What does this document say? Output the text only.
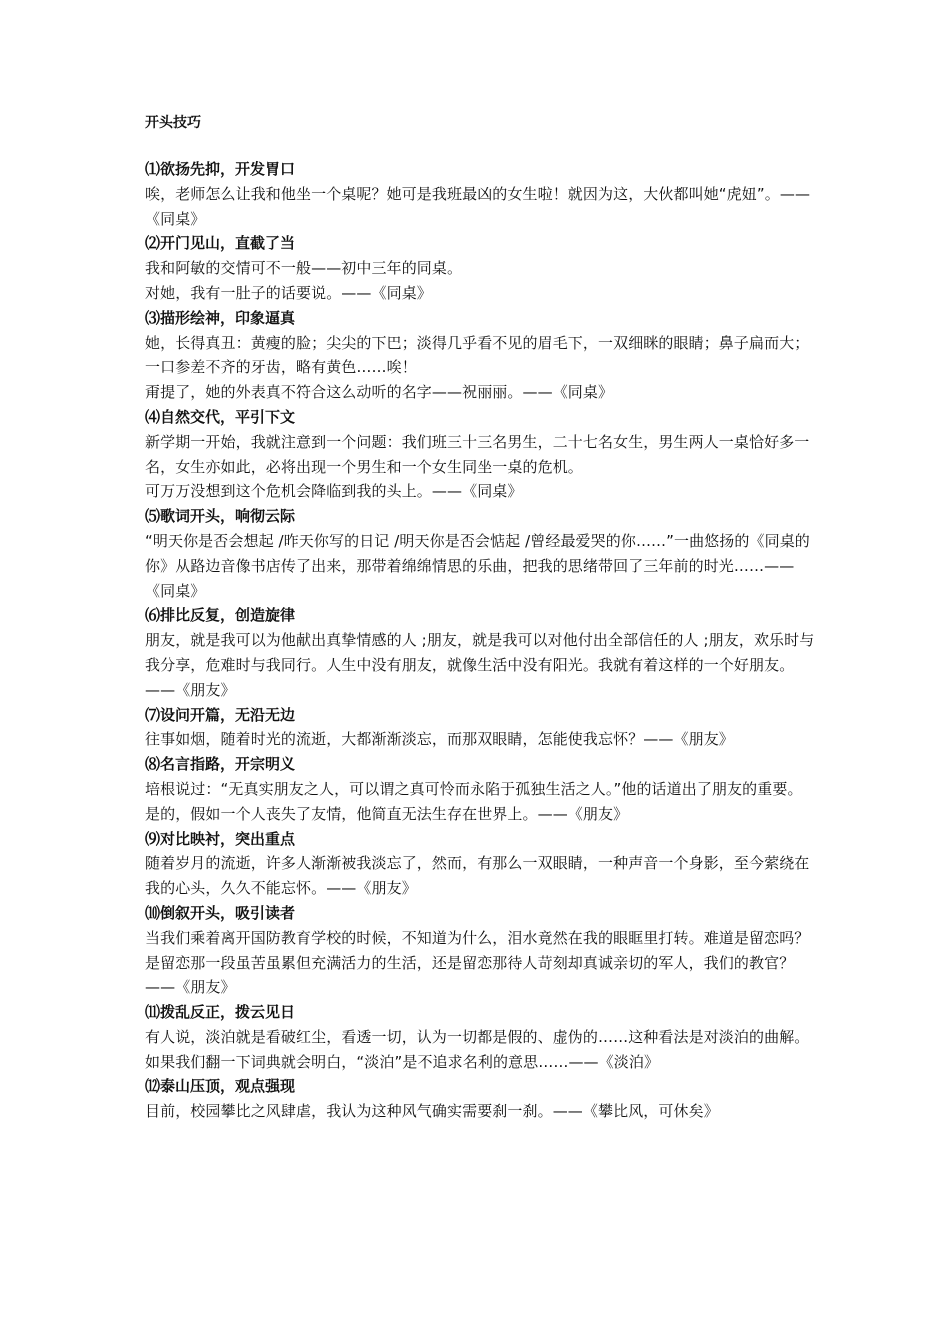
开头技巧
⑴欲扬先抑，开发胃口
唉，老师怎么让我和他坐一个桌呢？她可是我班最凶的女生啦！就因为这，大伙都叫她“虎妞”。——《同桌》
⑵开门见山，直截了当
我和阿敏的交情可不一般——初中三年的同桌。
对她，我有一肚子的话要说。——《同桌》
⑶描形绘神，印象逼真
她，长得真丑：黄瘦的脸；尖尖的下巴；淡得几乎看不见的眉毛下，一双细眯的眼睛；鼻子扁而大；一口参差不齐的牙齿，略有黄色……唉！
甭提了，她的外表真不符合这么动听的名字——祝丽丽。——《同桌》
⑷自然交代，平引下文
新学期一开始，我就注意到一个问题：我们班三十三名男生，二十七名女生，男生两人一桌恰好多一名，女生亦如此，必将出现一个男生和一个女生同坐一桌的危机。
可万万没想到这个危机会降临到我的头上。——《同桌》
⑸歌词开头，响彻云际
“明天你是否会想起 /昨天你写的日记 /明天你是否会惦起 /曾经最爱哭的你……”一曲悠扬的《同桌的你》从路边音像书店传了出来，那带着绵绵情思的乐曲，把我的思绪带回了三年前的时光……——《同桌》
⑹排比反复，创造旋律
朋友，就是我可以为他献出真挚情感的人 ;朋友，就是我可以对他付出全部信任的人 ;朋友，欢乐时与我分享，危难时与我同行。人生中没有朋友，就像生活中没有阳光。我就有着这样的一个好朋友。——《朋友》
⑺设问开篇，无沿无边
往事如烟，随着时光的流逝，大都渐渐淡忘，而那双眼睛，怎能使我忘怀？——《朋友》
⑻名言指路，开宗明义
培根说过：“无真实朋友之人，可以谓之真可怜而永陷于孤独生活之人。”他的话道出了朋友的重要。
是的，假如一个人丧失了友情，他简直无法生存在世界上。——《朋友》
⑼对比映衬，突出重点
随着岁月的流逝，许多人渐渐被我淡忘了，然而，有那么一双眼睛，一种声音一个身影，至今萦绕在我的心头，久久不能忘怀。——《朋友》
⑽倒叙开头，吸引读者
当我们乘着离开国防教育学校的时候，不知道为什么，泪水竟然在我的眼眶里打转。难道是留恋吗？
是留恋那一段虽苦虽累但充满活力的生活，还是留恋那待人苛刻却真诚亲切的军人，我们的教官？——《朋友》
⑾拨乱反正，拨云见日
有人说，淡泊就是看破红尘，看透一切，认为一切都是假的、虚伪的……这种看法是对淡泊的曲解。
如果我们翻一下词典就会明白，“淡泊”是不追求名利的意思……——《淡泊》
⑿泰山压顶，观点强现
目前，校园攀比之风肆虐，我认为这种风气确实需要刹一刹。——《攀比风，可休矣》
